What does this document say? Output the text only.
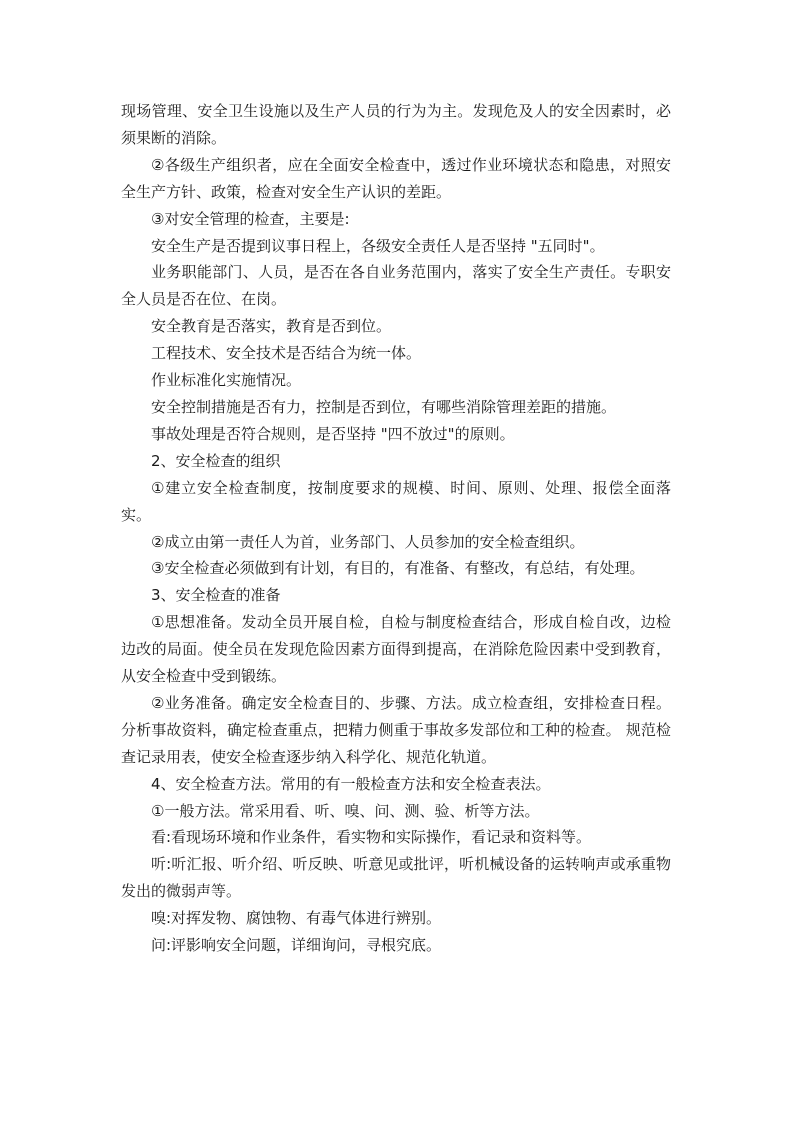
现场管理、安全卫生设施以及生产人员的行为为主。发现危及人的安全因素时，必须果断的消除。

②各级生产组织者，应在全面安全检查中，透过作业环境状态和隐患，对照安全生产方针、政策，检查对安全生产认识的差距。

③对安全管理的检查，主要是:

安全生产是否提到议事日程上，各级安全责任人是否坚持 "五同时"。

业务职能部门、人员，是否在各自业务范围内，落实了安全生产责任。专职安全人员是否在位、在岗。

安全教育是否落实，教育是否到位。

工程技术、安全技术是否结合为统一体。

作业标准化实施情况。

安全控制措施是否有力，控制是否到位，有哪些消除管理差距的措施。

事故处理是否符合规则，是否坚持 "四不放过"的原则。

2、安全检查的组织

①建立安全检查制度，按制度要求的规模、时间、原则、处理、报偿全面落实。

②成立由第一责任人为首，业务部门、人员参加的安全检查组织。

③安全检查必须做到有计划，有目的，有准备、有整改，有总结，有处理。

3、安全检查的准备

①思想准备。发动全员开展自检，自检与制度检查结合，形成自检自改，边检边改的局面。使全员在发现危险因素方面得到提高，在消除危险因素中受到教育，从安全检查中受到锻练。

②业务准备。确定安全检查目的、步骤、方法。成立检查组，安排检查日程。分析事故资料，确定检查重点，把精力侧重于事故多发部位和工种的检查。 规范检查记录用表，使安全检查逐步纳入科学化、规范化轨道。

4、安全检查方法。常用的有一般检查方法和安全检查表法。

①一般方法。常采用看、听、嗅、问、测、验、析等方法。

看:看现场环境和作业条件，看实物和实际操作，看记录和资料等。

听:听汇报、听介绍、听反映、听意见或批评，听机械设备的运转响声或承重物发出的微弱声等。

嗅:对挥发物、腐蚀物、有毒气体进行辨别。

问:评影响安全问题，详细询问，寻根究底。
